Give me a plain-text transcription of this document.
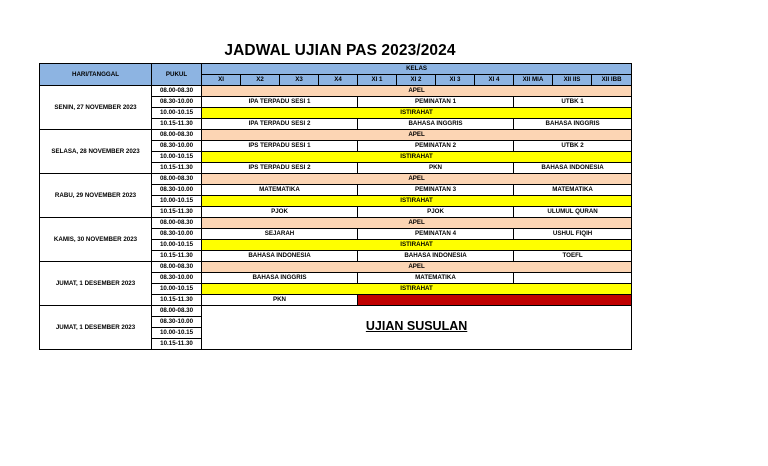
JADWAL UJIAN PAS 2023/2024
HARI/TANGGAL	PUKUL	KELAS										
		XI	X2	X3	X4	XI 1	XI 2	XI 3	XI 4	XII MIA	XII IIS	XII IBB
SENIN, 27 NOVEMBER 2023	08.00-08.30	APEL										
	08.30-10.00	IPA TERPADU SESI 1				PEMINATAN 1				UTBK 1		
	10.00-10.15	ISTIRAHAT										
	10.15-11.30	IPA TERPADU SESI 2				BAHASA INGGRIS				BAHASA INGGRIS		
SELASA, 28 NOVEMBER 2023	08.00-08.30	APEL										
	08.30-10.00	IPS TERPADU SESI 1				PEMINATAN 2				UTBK 2		
	10.00-10.15	ISTIRAHAT										
	10.15-11.30	IPS TERPADU SESI 2				PKN				BAHASA INDONESIA		
RABU, 29 NOVEMBER 2023	08.00-08.30	APEL										
	08.30-10.00	MATEMATIKA				PEMINATAN 3				MATEMATIKA		
	10.00-10.15	ISTIRAHAT										
	10.15-11.30	PJOK				PJOK				ULUMUL QURAN		
KAMIS, 30 NOVEMBER 2023	08.00-08.30	APEL										
	08.30-10.00	SEJARAH				PEMINATAN 4				USHUL FIQIH		
	10.00-10.15	ISTIRAHAT										
	10.15-11.30	BAHASA INDONESIA				BAHASA INDONESIA				TOEFL		
JUMAT, 1 DESEMBER 2023	08.00-08.30	APEL										
	08.30-10.00	BAHASA INGGRIS				MATEMATIKA						
	10.00-10.15	ISTIRAHAT										
	10.15-11.30	PKN										
JUMAT, 1 DESEMBER 2023	08.00-08.30	UJIAN SUSULAN										
	08.30-10.00											
	10.00-10.15											
	10.15-11.30											
